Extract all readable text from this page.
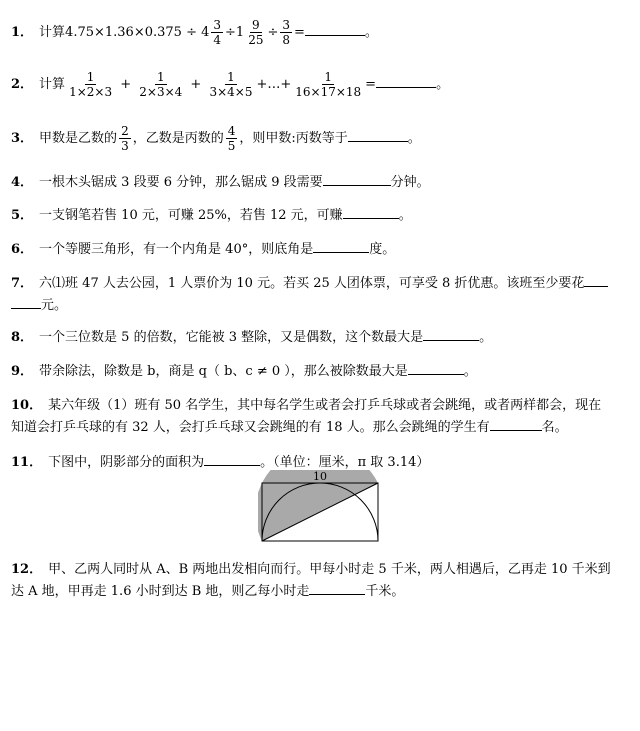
1． 计算$4.75\times 1.36\times 0.375 \div 4 \frac{3}{4} \div 1 \frac{9}{25} \div \frac{3}{8}$ =	。
2． 计算 $\frac{1}{1\times 2\times 3} + \frac{1}{2\times 3\times 4} + \frac{1}{3\times 4\times 5}$ +…+ $\frac{1}{16\times 17\times 18}$ =	。
3． 甲数是乙数的 $\frac{2}{3}$ ，乙数是丙数的 $\frac{4}{5}$ ，则甲数:丙数等于	。
4． 一根木头锯成 3 段要 6 分钟，那么锯成 9 段需要	分钟。
5． 一支钢笔若售 10 元，可赚 25%，若售 12 元，可赚	。
6． 一个等腰三角形，有一个内角是 40°，则底角是	度。
7． 六⑴班 47 人去公园，1 人票价为 10 元。若买 25 人团体票，可享受 8 折优惠。该班至少要花
元。
8． 一个三位数是 5 的倍数，它能被 3 整除，又是偶数，这个数最大是	。
9． 带余除法，除数是 b，商是 q（ b、c ≠ 0 ），那么被除数最大是	。
10． 某六年级（1）班有 50 名学生，其中每名学生或者会打乒乓球或者会跳绳，或者两样都会，现在
知道会打乒乓球的有 32 人，会打乒乓球又会跳绳的有 18 人。那么会跳绳的学生有	名。
11． 下图中，阴影部分的面积为	。（单位：厘米，π 取 3.14）
10
12． 甲、乙两人同时从 A、B 两地出发相向而行。甲每小时走 5 千米，两人相遇后，乙再走 10 千米到
达 A 地，甲再走 1.6 小时到达 B 地，则乙每小时走	千米。
